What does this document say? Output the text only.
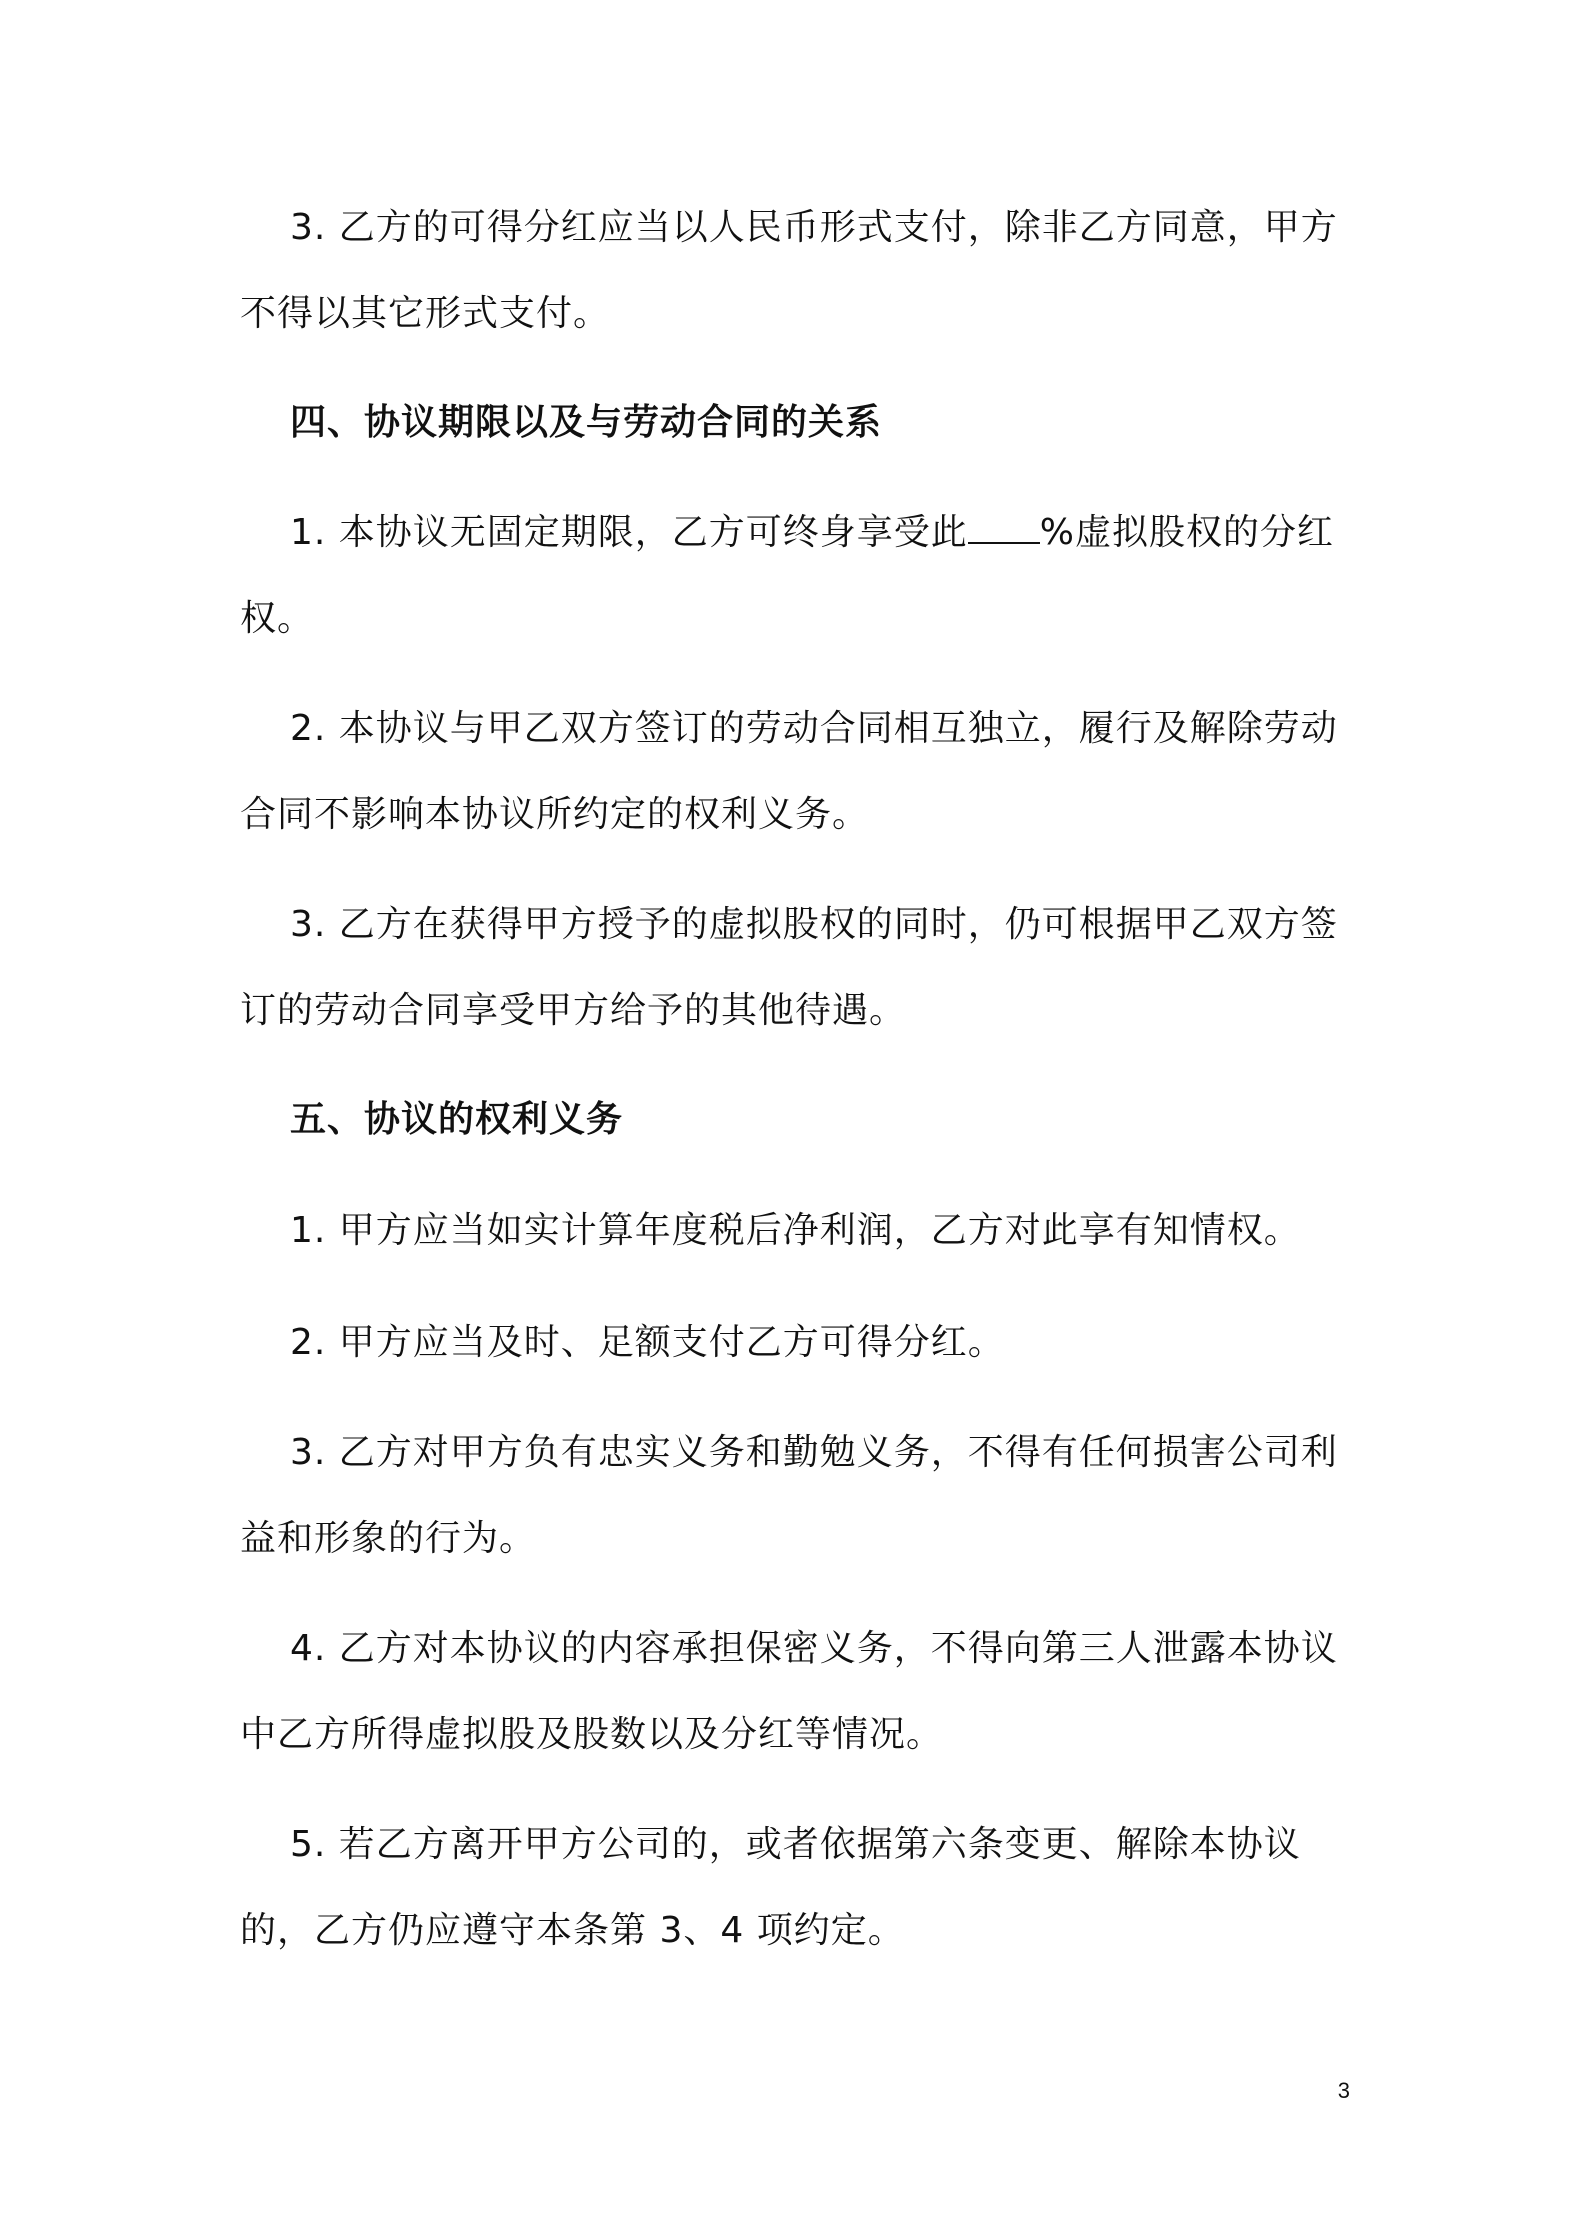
3. 乙方的可得分红应当以人民币形式支付，除非乙方同意，甲方不得以其它形式支付。

四、协议期限以及与劳动合同的关系

1. 本协议无固定期限，乙方可终身享受此 %虚拟股权的分红权。

2. 本协议与甲乙双方签订的劳动合同相互独立，履行及解除劳动合同不影响本协议所约定的权利义务。

3. 乙方在获得甲方授予的虚拟股权的同时，仍可根据甲乙双方签订的劳动合同享受甲方给予的其他待遇。

五、协议的权利义务

1. 甲方应当如实计算年度税后净利润，乙方对此享有知情权。

2. 甲方应当及时、足额支付乙方可得分红。

3. 乙方对甲方负有忠实义务和勤勉义务，不得有任何损害公司利益和形象的行为。

4. 乙方对本协议的内容承担保密义务，不得向第三人泄露本协议中乙方所得虚拟股及股数以及分红等情况。

5. 若乙方离开甲方公司的，或者依据第六条变更、解除本协议的，乙方仍应遵守本条第 3、4 项约定。

3
